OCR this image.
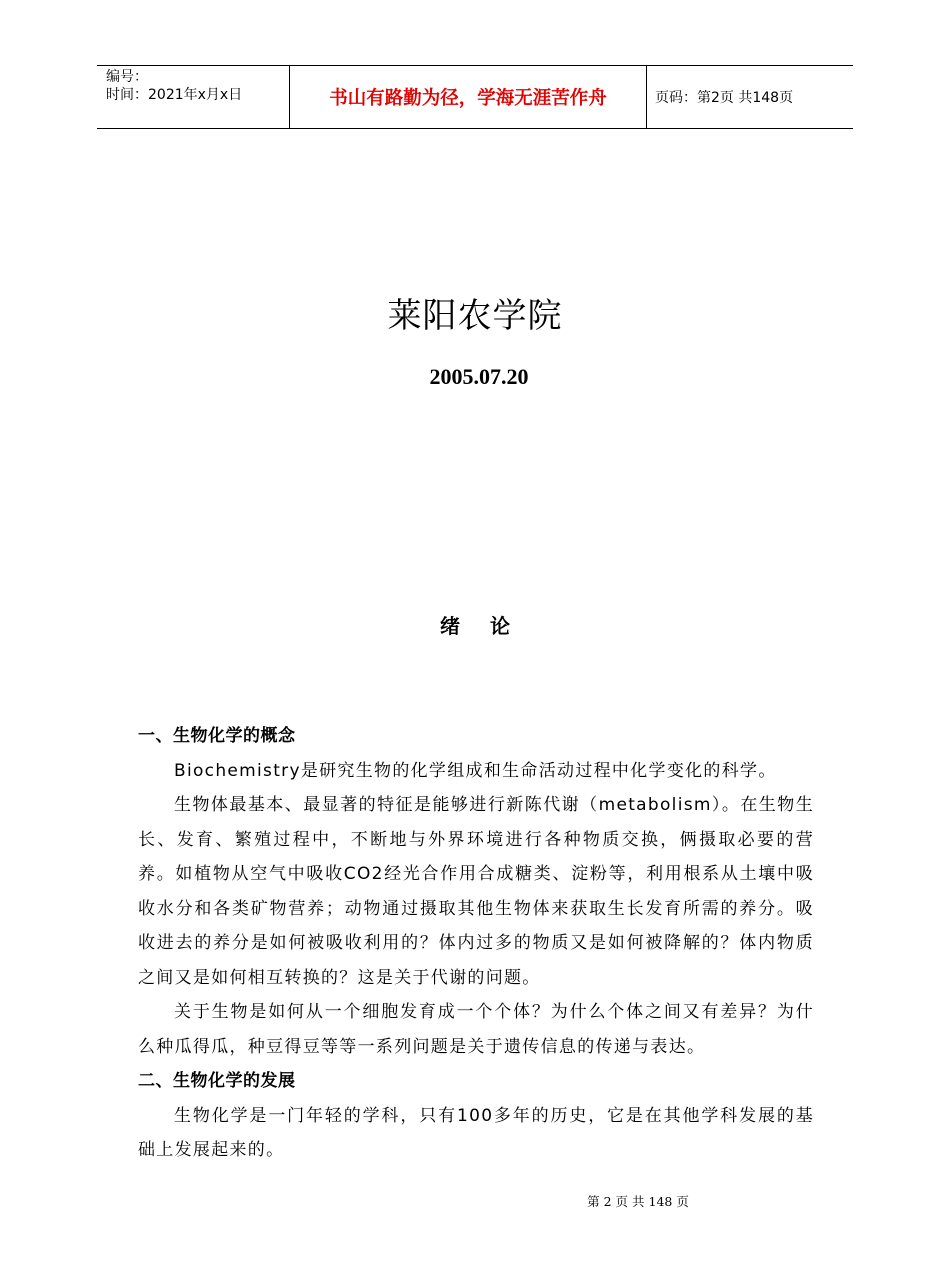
编号：
时间：2021年x月x日	书山有路勤为径，学海无涯苦作舟	页码：第2页 共148页
莱阳农学院
2005.07.20
绪 论
一、生物化学的概念

Biochemistry是研究生物的化学组成和生命活动过程中化学变化的科学。

生物体最基本、最显著的特征是能够进行新陈代谢（metabolism）。在生物生长、发育、繁殖过程中，不断地与外界环境进行各种物质交换，俩摄取必要的营养。如植物从空气中吸收CO2经光合作用合成糖类、淀粉等，利用根系从土壤中吸收水分和各类矿物营养；动物通过摄取其他生物体来获取生长发育所需的养分。吸收进去的养分是如何被吸收利用的？体内过多的物质又是如何被降解的？体内物质之间又是如何相互转换的？这是关于代谢的问题。

关于生物是如何从一个细胞发育成一个个体？为什么个体之间又有差异？为什么种瓜得瓜，种豆得豆等等一系列问题是关于遗传信息的传递与表达。

二、生物化学的发展

生物化学是一门年轻的学科，只有100多年的历史，它是在其他学科发展的基础上发展起来的。

第 2 页 共 148 页
